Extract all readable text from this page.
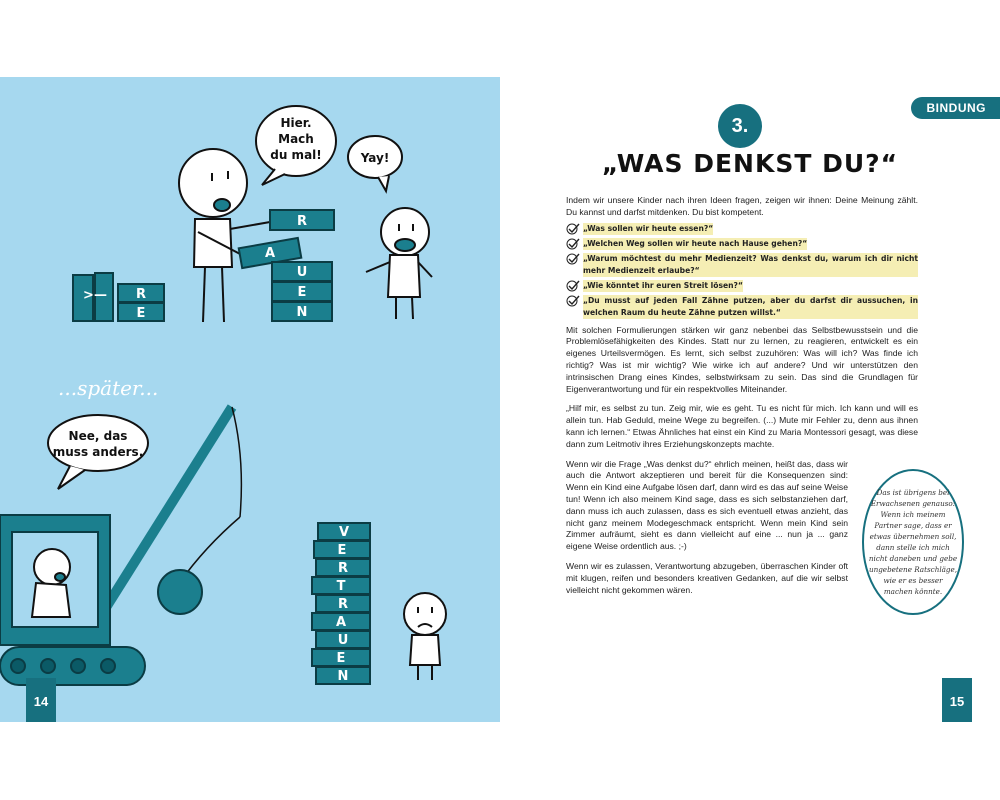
Hier.
Mach
du mal!	Yay!
>— R
E
R
A
U
E
N
...später...
Nee, das
muss anders.
V
E
R
T
R
A
U
E
N
14
BINDUNG
3.
„WAS DENKST DU?“

Indem wir unsere Kinder nach ihren Ideen fragen, zeigen wir ihnen: Deine Meinung zählt. Du kannst und darfst mitdenken. Du bist kompetent.

„Was sollen wir heute essen?“
„Welchen Weg sollen wir heute nach Hause gehen?“
„Warum möchtest du mehr Medienzeit? Was denkst du, warum ich dir nicht mehr Medienzeit erlaube?“
„Wie könntet ihr euren Streit lösen?“
„Du musst auf jeden Fall Zähne putzen, aber du darfst dir aussuchen, in welchen Raum du heute Zähne putzen willst.“

Mit solchen Formulierungen stärken wir ganz nebenbei das Selbstbewusstsein und die Problemlösefähigkeiten des Kindes. Statt nur zu lernen, zu reagieren, entwickelt es ein eigenes Urteilsvermögen. Es lernt, sich selbst zuzuhören: Was will ich? Was finde ich richtig? Was ist mir wichtig? Wie wirke ich auf andere? Und wir unterstützen den intrinsischen Drang eines Kindes, selbstwirksam zu sein. Das sind die Grundlagen für Eigenverantwortung und für ein respektvolles Miteinander.

„Hilf mir, es selbst zu tun. Zeig mir, wie es geht. Tu es nicht für mich. Ich kann und will es allein tun. Hab Geduld, meine Wege zu begreifen. (...) Mute mir Fehler zu, denn aus ihnen kann ich lernen.“ Etwas Ähnliches hat einst ein Kind zu Maria Montessori gesagt, was diese dann zum Leitmotiv ihres Erziehungskonzepts machte.

Wenn wir die Frage „Was denkst du?“ ehrlich meinen, heißt das, dass wir auch die Antwort akzeptieren und bereit für die Konsequenzen sind: Wenn ein Kind eine Aufgabe lösen darf, dann wird es das auf seine Weise tun! Wenn ich also meinem Kind sage, dass es sich selbstanziehen darf, dann muss ich auch zulassen, dass es sich eventuell etwas anzieht, das nicht ganz meinem Modegeschmack entspricht. Wenn mein Kind sein Zimmer aufräumt, sieht es dann vielleicht auf eine ... nun ja ... ganz eigene Weise ordentlich aus. ;-)

Wenn wir es zulassen, Verantwortung abzugeben, überraschen Kinder oft mit klugen, reifen und besonders kreativen Gedanken, auf die wir selbst vielleicht nicht gekommen wären.

Das ist übrigens bei Erwachsenen genauso: Wenn ich meinem Partner sage, dass er etwas übernehmen soll, dann stelle ich mich nicht daneben und gebe ungebetene Ratschläge, wie er es besser machen könnte.
15
